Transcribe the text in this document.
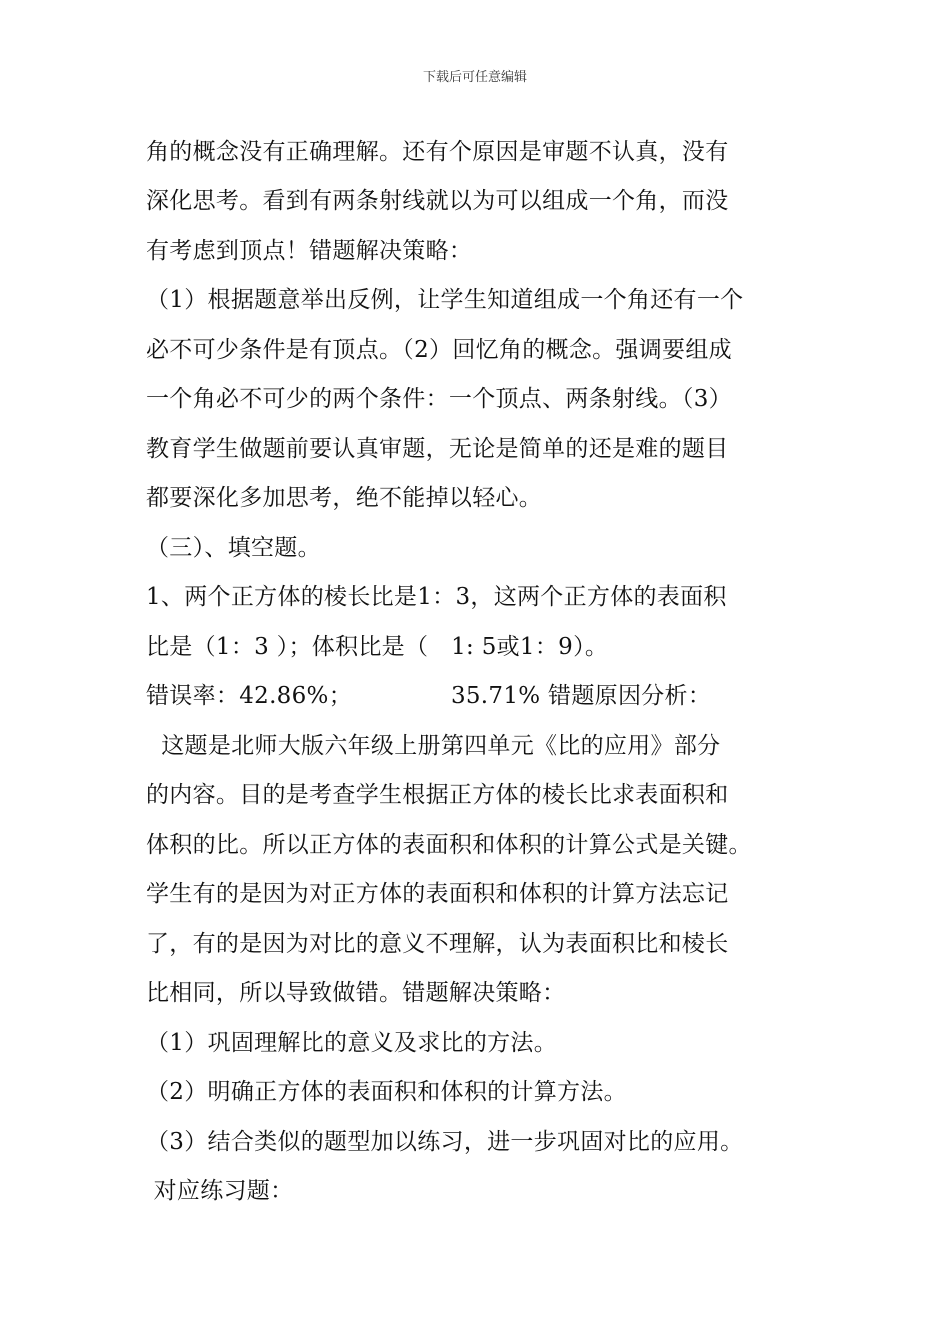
下载后可任意编辑
角的概念没有正确理解。还有个原因是审题不认真，没有
深化思考。看到有两条射线就以为可以组成一个角，而没
有考虑到顶点！错题解决策略：
（1）根据题意举出反例，让学生知道组成一个角还有一个
必不可少条件是有顶点。（2）回忆角的概念。强调要组成
一个角必不可少的两个条件：一个顶点、两条射线。（3）
教育学生做题前要认真审题，无论是简单的还是难的题目
都要深化多加思考，绝不能掉以轻心。
（三）、填空题。
1、两个正方体的棱长比是1：3，这两个正方体的表面积
比是（1：3 ）；体积比是（   1: 5或1：9）。
错误率：42.86%；             35.71% 错题原因分析：
这题是北师大版六年级上册第四单元《比的应用》部分
的内容。目的是考查学生根据正方体的棱长比求表面积和
体积的比。所以正方体的表面积和体积的计算公式是关键。
学生有的是因为对正方体的表面积和体积的计算方法忘记
了，有的是因为对比的意义不理解，认为表面积比和棱长
比相同，所以导致做错。错题解决策略：
（1）巩固理解比的意义及求比的方法。
（2）明确正方体的表面积和体积的计算方法。
（3）结合类似的题型加以练习，进一步巩固对比的应用。
对应练习题：
